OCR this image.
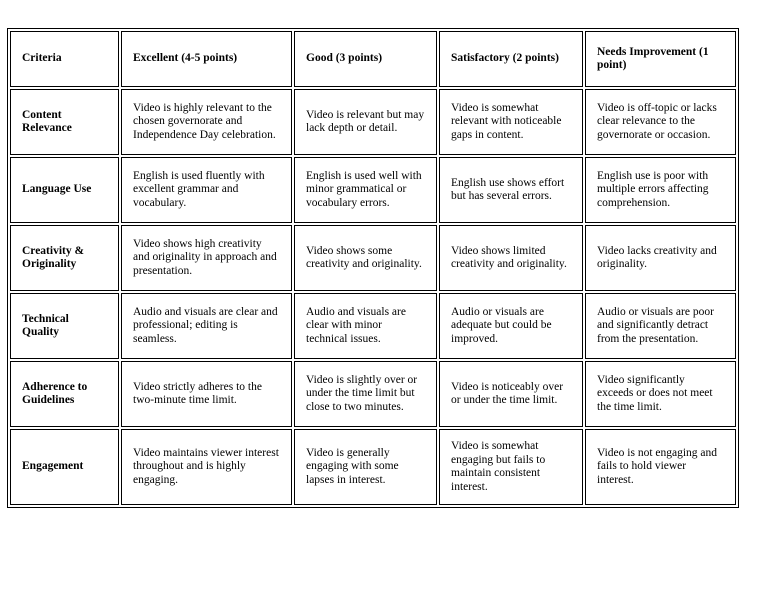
Criteria	Excellent (4-5 points)	Good (3 points)	Satisfactory (2 points)	Needs Improvement (1 point)
Content Relevance	Video is highly relevant to the chosen governorate and Independence Day celebration.	Video is relevant but may lack depth or detail.	Video is somewhat relevant with noticeable gaps in content.	Video is off-topic or lacks clear relevance to the governorate or occasion.
Language Use	English is used fluently with excellent grammar and vocabulary.	English is used well with minor grammatical or vocabulary errors.	English use shows effort but has several errors.	English use is poor with multiple errors affecting comprehension.
Creativity & Originality	Video shows high creativity and originality in approach and presentation.	Video shows some creativity and originality.	Video shows limited creativity and originality.	Video lacks creativity and originality.
Technical Quality	Audio and visuals are clear and professional; editing is seamless.	Audio and visuals are clear with minor technical issues.	Audio or visuals are adequate but could be improved.	Audio or visuals are poor and significantly detract from the presentation.
Adherence to Guidelines	Video strictly adheres to the two-minute time limit.	Video is slightly over or under the time limit but close to two minutes.	Video is noticeably over or under the time limit.	Video significantly exceeds or does not meet the time limit.
Engagement	Video maintains viewer interest throughout and is highly engaging.	Video is generally engaging with some lapses in interest.	Video is somewhat engaging but fails to maintain consistent interest.	Video is not engaging and fails to hold viewer interest.
